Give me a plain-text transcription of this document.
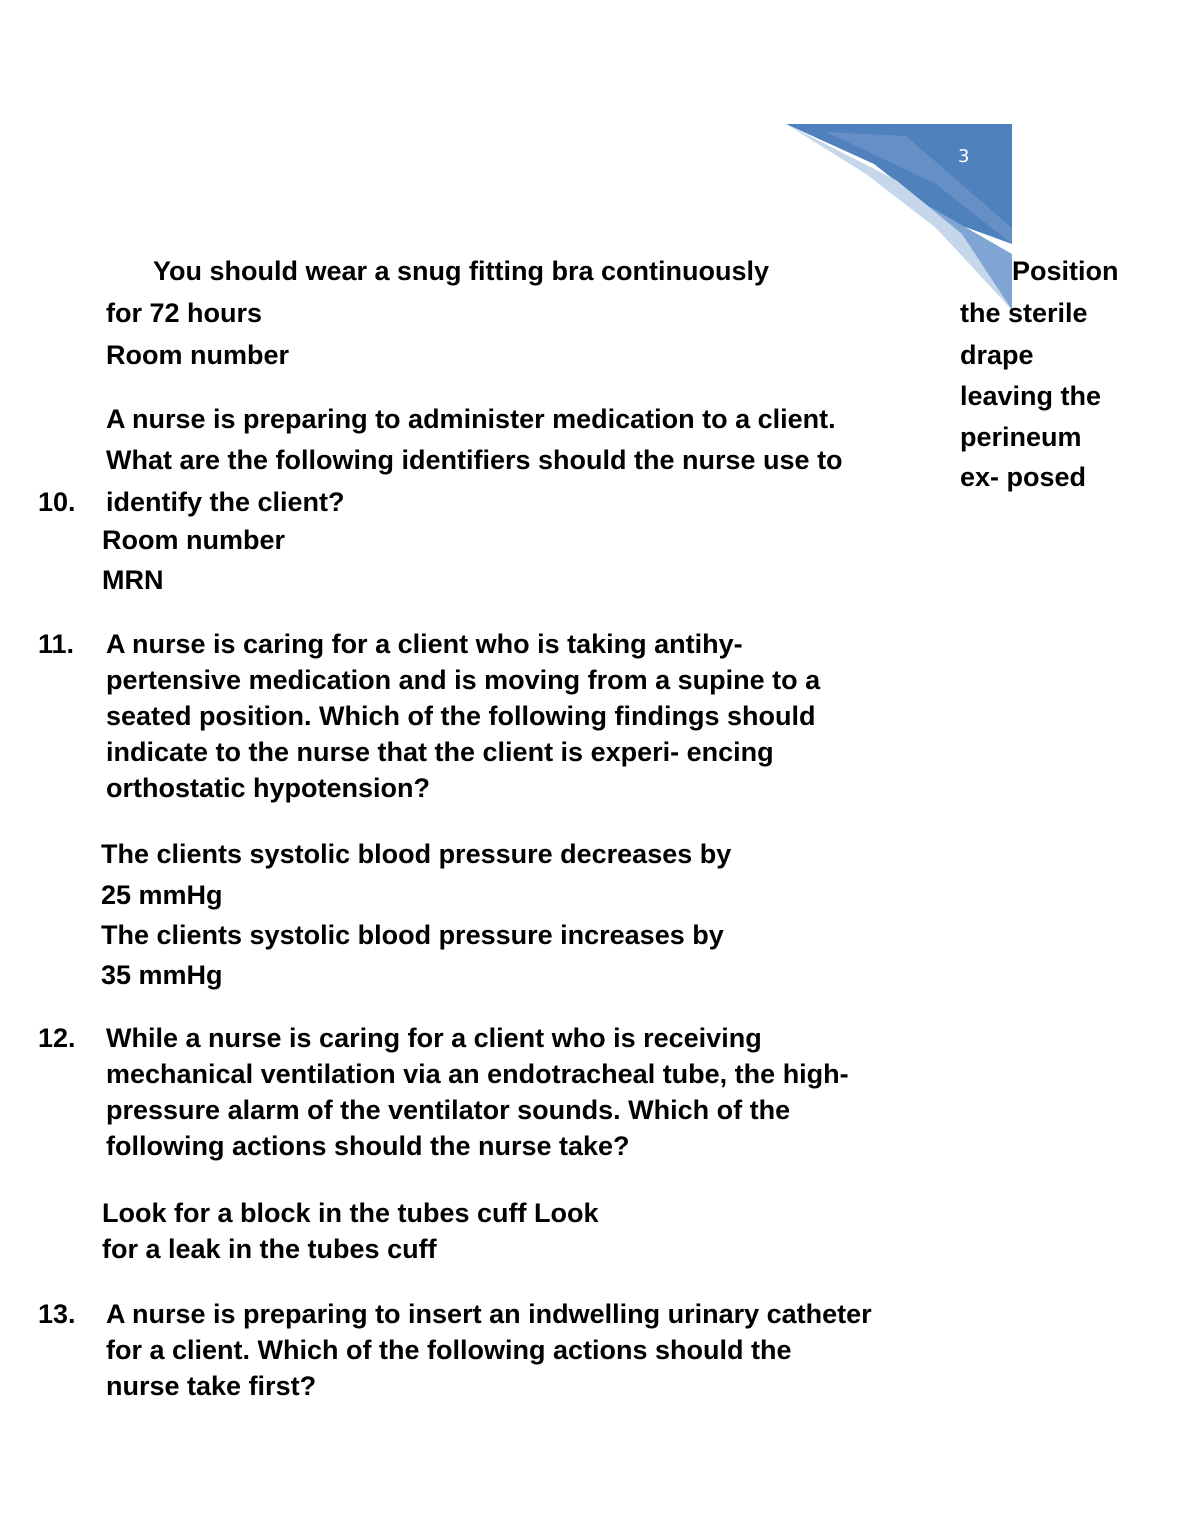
3
You should wear a snug fitting bra continuously
for 72 hours
Room number
Position
the sterile
drape
leaving the
perineum
ex- posed
A nurse is preparing to administer medication to a client.
What are the following identifiers should the nurse use to
10. identify the client?
Room number
MRN
11. A nurse is caring for a client who is taking antihy-
pertensive medication and is moving from a supine to a
seated position. Which of the following findings should
indicate to the nurse that the client is experi- encing
orthostatic hypotension?
The clients systolic blood pressure decreases by
25 mmHg
The clients systolic blood pressure increases by
35 mmHg
12. While a nurse is caring for a client who is receiving
mechanical ventilation via an endotracheal tube, the high-
pressure alarm of the ventilator sounds. Which of the
following actions should the nurse take?
Look for a block in the tubes cuff Look
for a leak in the tubes cuff
13. A nurse is preparing to insert an indwelling urinary catheter
for a client. Which of the following actions should the
nurse take first?
